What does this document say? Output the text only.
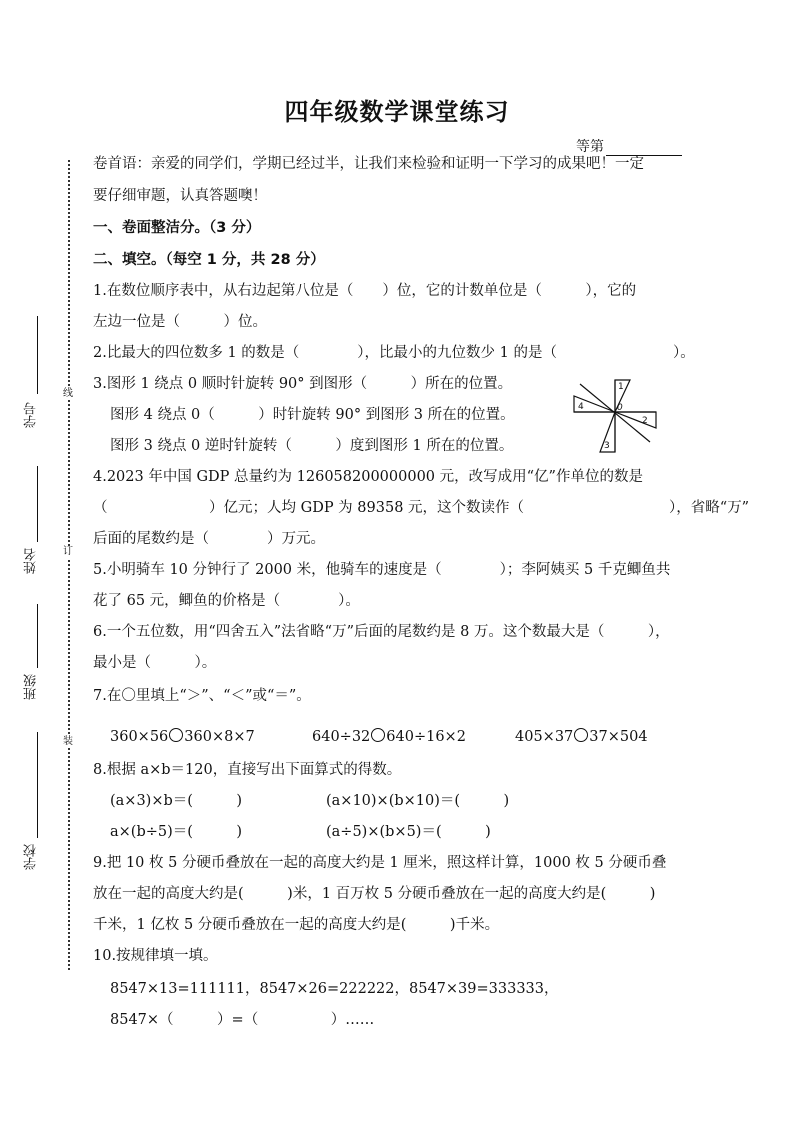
四年级数学课堂练习
等第
线
订
装
学号
姓名
班级
学校
卷首语：亲爱的同学们，学期已经过半，让我们来检验和证明一下学习的成果吧！一定
要仔细审题，认真答题噢！
一、卷面整洁分。（3 分）
二、填空。（每空 1 分，共 28 分）
1.在数位顺序表中，从右边起第八位是（　　）位，它的计数单位是（　　　），它的
左边一位是（　　　）位。
2.比最大的四位数多 1 的数是（　　　　），比最小的九位数少 1 的是（　　　　　　　　）。
3.图形 1 绕点 0 顺时针旋转 90° 到图形（　　　）所在的位置。
图形 4 绕点 0（　　　）时针旋转 90° 到图形 3 所在的位置。
图形 3 绕点 0 逆时针旋转（　　　）度到图形 1 所在的位置。
1
2
3
4	0
4.2023 年中国 GDP 总量约为 126058200000000 元，改写成用“亿”作单位的数是
（　　　　　　　）亿元；人均 GDP 为 89358 元，这个数读作（　　　　　　　　　　），省略“万”
后面的尾数约是（　　　　）万元。
5.小明骑车 10 分钟行了 2000 米，他骑车的速度是（　　　　）；李阿姨买 5 千克鲫鱼共
花了 65 元，鲫鱼的价格是（　　　　）。
6.一个五位数，用“四舍五入”法省略“万”后面的尾数约是 8 万。这个数最大是（　　　），
最小是（　　　）。
7.在〇里填上“＞”、“＜”或“＝”。
360×56 360×8×7	640÷32 640÷16×2	405×37 37×504
8.根据 a×b＝120，直接写出下面算式的得数。
(a×3)×b＝(　　　)	(a×10)×(b×10)＝(　　　)
a×(b÷5)＝(　　　)	(a÷5)×(b×5)＝(　　　)
9.把 10 枚 5 分硬币叠放在一起的高度大约是 1 厘米，照这样计算，1000 枚 5 分硬币叠
放在一起的高度大约是(　　　)米，1 百万枚 5 分硬币叠放在一起的高度大约是(　　　)
千米，1 亿枚 5 分硬币叠放在一起的高度大约是(　　　)千米。
10.按规律填一填。
8547×13=111111，8547×26=222222，8547×39=333333，
8547×（　　　）=（　　　　　）……
